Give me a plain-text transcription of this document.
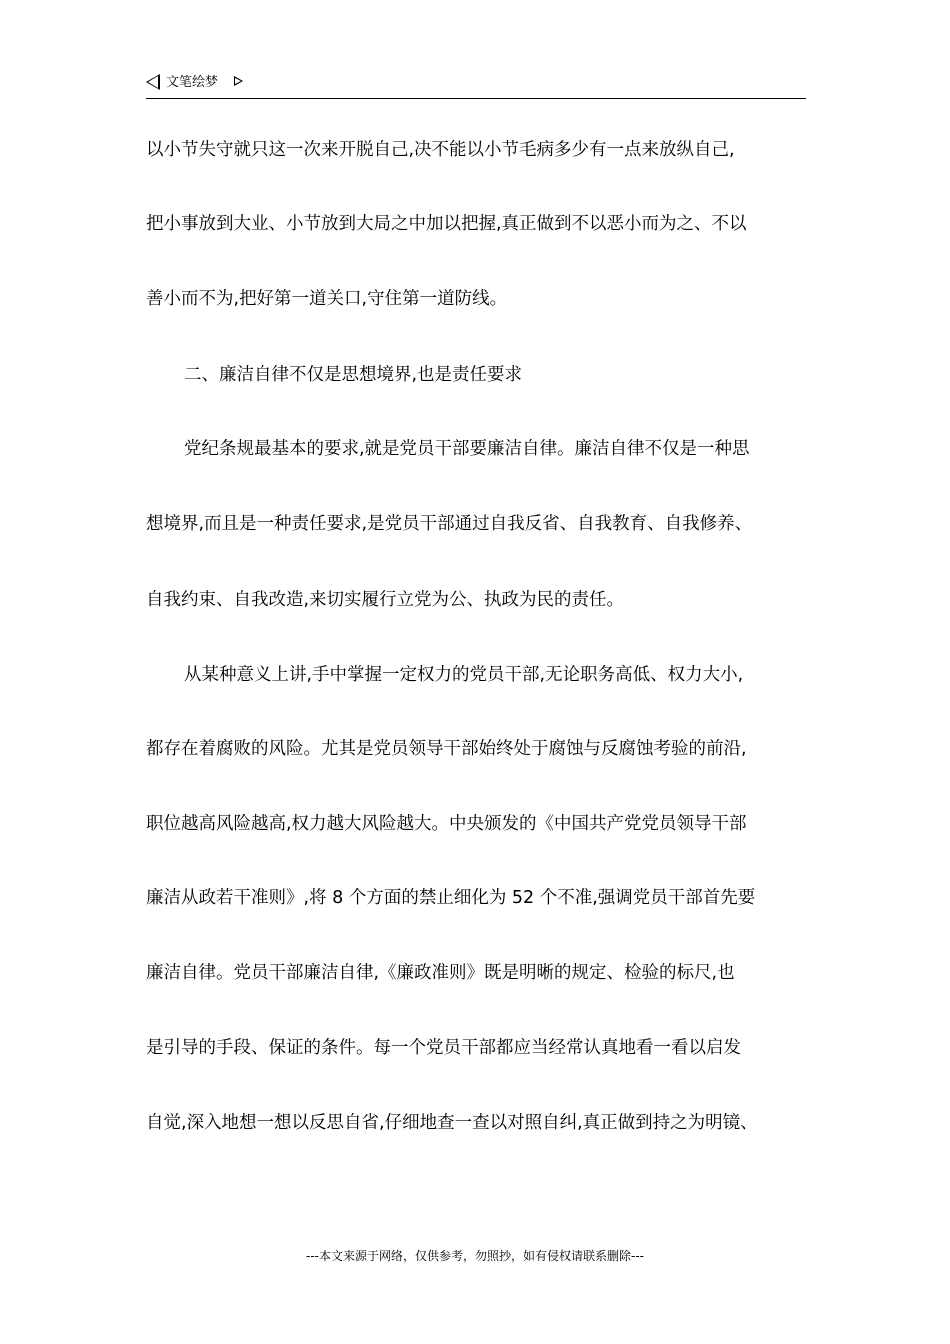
文笔绘梦
以小节失守就只这一次来开脱自己,决不能以小节毛病多少有一点来放纵自己,
把小事放到大业、小节放到大局之中加以把握,真正做到不以恶小而为之、不以
善小而不为,把好第一道关口,守住第一道防线。
二、廉洁自律不仅是思想境界,也是责任要求
党纪条规最基本的要求,就是党员干部要廉洁自律。廉洁自律不仅是一种思
想境界,而且是一种责任要求,是党员干部通过自我反省、自我教育、自我修养、
自我约束、自我改造,来切实履行立党为公、执政为民的责任。
从某种意义上讲,手中掌握一定权力的党员干部,无论职务高低、权力大小,
都存在着腐败的风险。尤其是党员领导干部始终处于腐蚀与反腐蚀考验的前沿,
职位越高风险越高,权力越大风险越大。中央颁发的《中国共产党党员领导干部
廉洁从政若干准则》,将 8 个方面的禁止细化为 52 个不准,强调党员干部首先要
廉洁自律。党员干部廉洁自律,《廉政准则》既是明晰的规定、检验的标尺,也
是引导的手段、保证的条件。每一个党员干部都应当经常认真地看一看以启发
自觉,深入地想一想以反思自省,仔细地查一查以对照自纠,真正做到持之为明镜、
---本文来源于网络，仅供参考，勿照抄，如有侵权请联系删除---
